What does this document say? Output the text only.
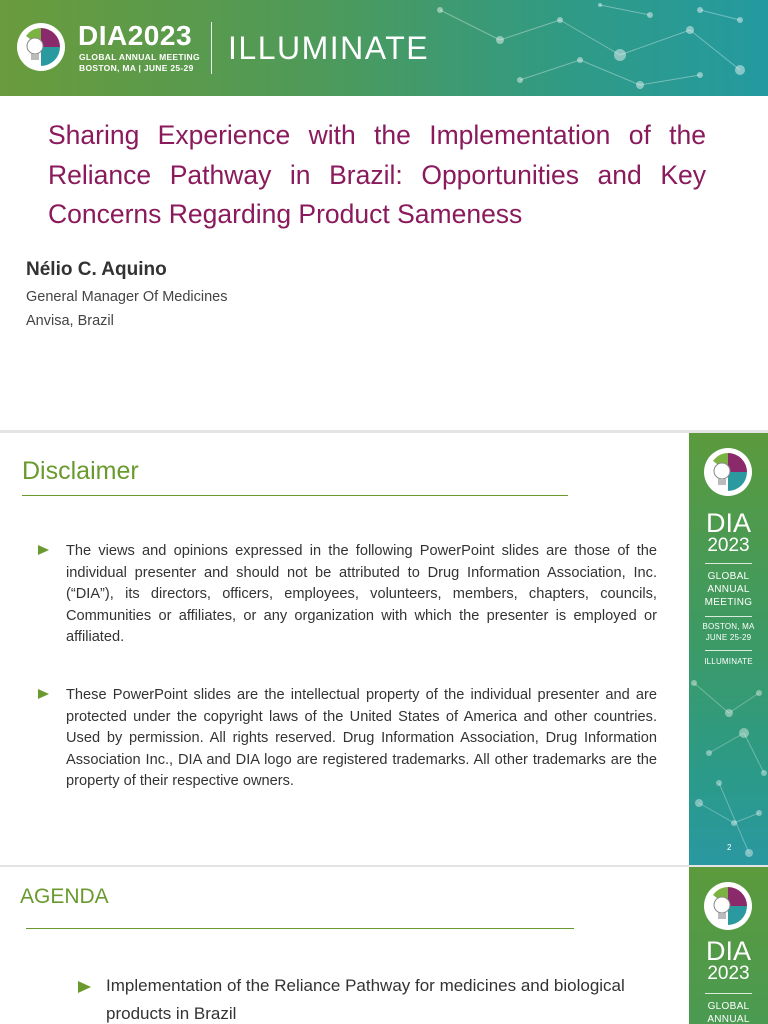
DIA2023
GLOBAL ANNUAL MEETING
BOSTON, MA | JUNE 25-29
ILLUMINATE
Sharing Experience with the Implementation of the Reliance Pathway in Brazil: Opportunities and Key Concerns Regarding Product Sameness
Nélio C. Aquino
General Manager Of Medicines
Anvisa, Brazil
Disclaimer
The views and opinions expressed in the following PowerPoint slides are those of the individual presenter and should not be attributed to Drug Information Association, Inc. (“DIA”), its directors, officers, employees, volunteers, members, chapters, councils, Communities or affiliates, or any organization with which the presenter is employed or affiliated.
These PowerPoint slides are the intellectual property of the individual presenter and are protected under the copyright laws of the United States of America and other countries. Used by permission. All rights reserved. Drug Information Association, Drug Information Association Inc., DIA and DIA logo are registered trademarks. All other trademarks are the property of their respective owners.
DIA
2023
GLOBAL
ANNUAL
MEETING
BOSTON, MA
JUNE 25-29
ILLUMINATE
2
AGENDA
Implementation of the Reliance Pathway for medicines and biological products in Brazil
DIA
2023
GLOBAL
ANNUAL
